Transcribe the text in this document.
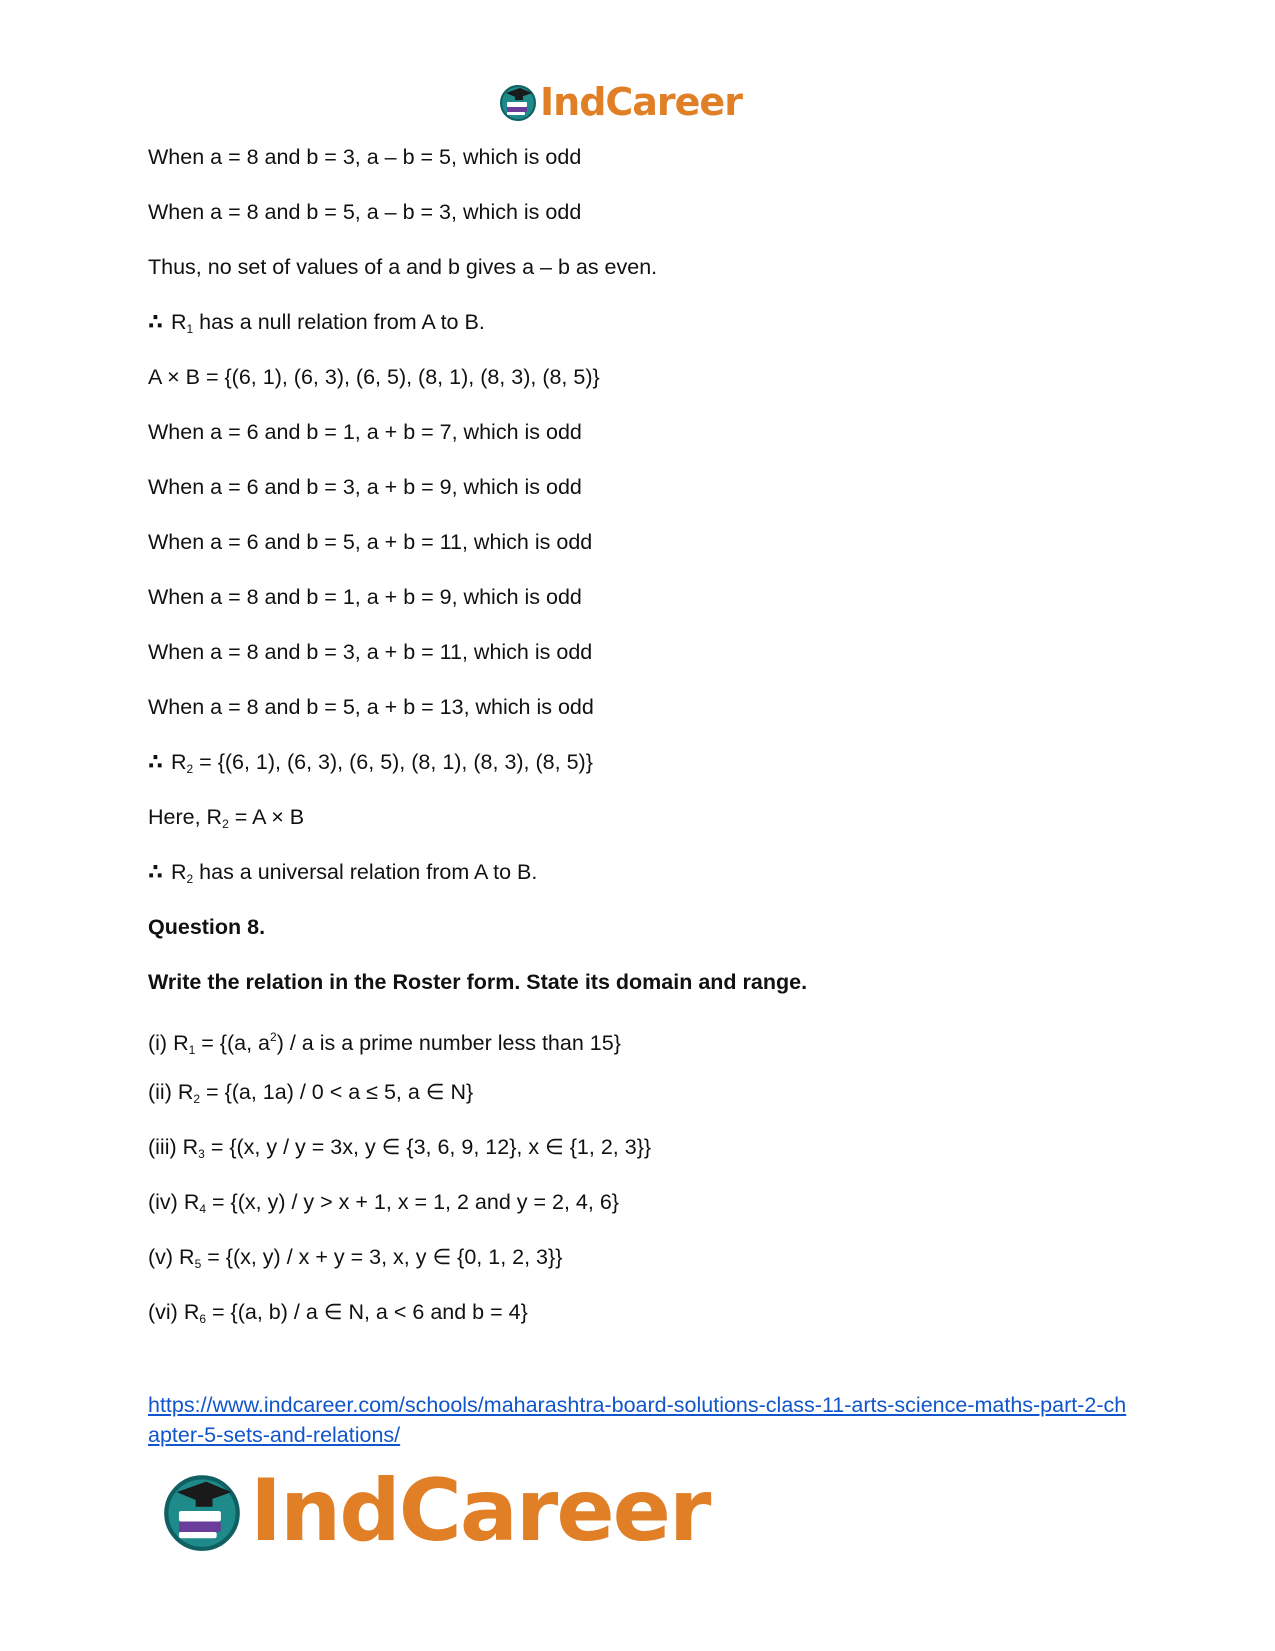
IndCareer
When a = 8 and b = 3, a – b = 5, which is odd
When a = 8 and b = 5, a – b = 3, which is odd
Thus, no set of values of a and b gives a – b as even.
∴ $R_1$ has a null relation from A to B.
A × B = {(6, 1), (6, 3), (6, 5), (8, 1), (8, 3), (8, 5)}
When a = 6 and b = 1, a + b = 7, which is odd
When a = 6 and b = 3, a + b = 9, which is odd
When a = 6 and b = 5, a + b = 11, which is odd
When a = 8 and b = 1, a + b = 9, which is odd
When a = 8 and b = 3, a + b = 11, which is odd
When a = 8 and b = 5, a + b = 13, which is odd
∴ $R_2 = \{(6$, 1), (6, 3), (6, 5), (8, 1), (8, 3), (8, 5)}
Here, $R_2 = A \times B$
∴ $R_2$ has a universal relation from A to B.
Question 8.
Write the relation in the Roster form. State its domain and range.
(i) $R_1 = \{(a$, $a^2$) / a is a prime number less than 15}
(ii) $R_2 = \{(a$, 1a) / 0 < a ≤ 5, a ∈ N}
(iii) $R_3 = \{(x$, y / y = 3x, y ∈ {3, 6, 9, 12}, x ∈ {1, 2, 3}}
(iv) $R_4 = \{(x$, y) / y > x + 1, x = 1, 2 and y = 2, 4, 6}
(v) $R_5 = \{(x$, y) / x + y = 3, x, y ∈ {0, 1, 2, 3}}
(vi) $R_6 = \{(a$, b) / a ∈ N, a < 6 and b = 4}
https://www.indcareer.com/schools/maharashtra-board-solutions-class-11-arts-science-maths-part-2-chapter-5-sets-and-relations/
IndCareer
